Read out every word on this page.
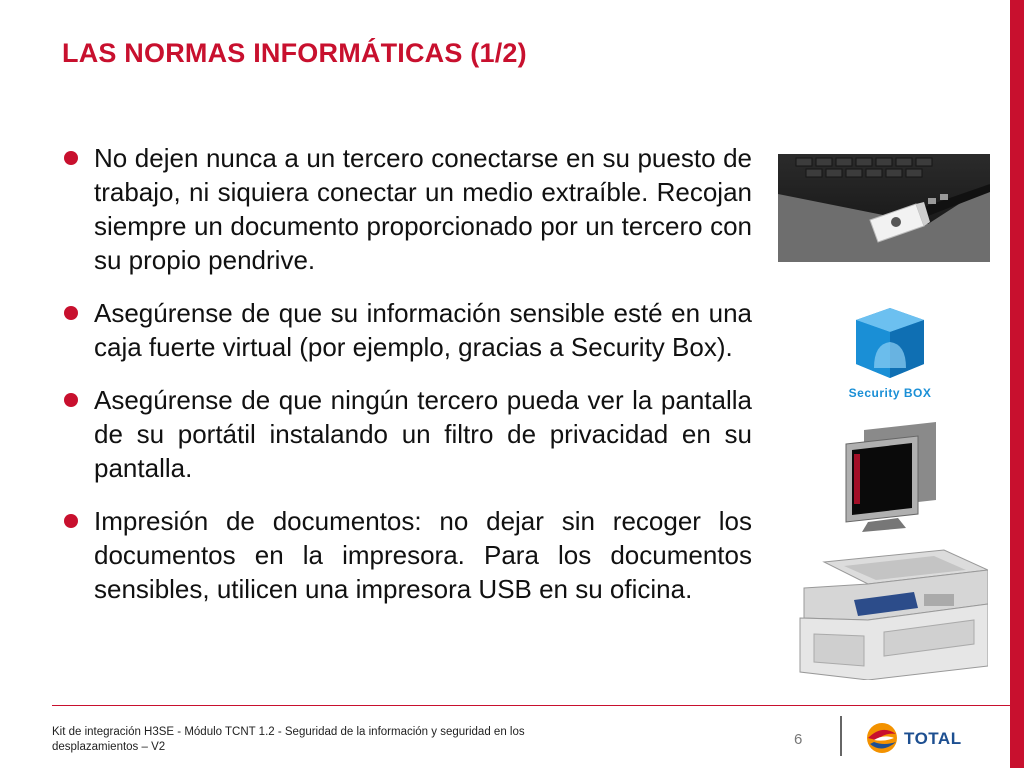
LAS NORMAS INFORMÁTICAS (1/2)
No dejen nunca a un tercero conectarse en su puesto de trabajo, ni siquiera conectar un medio extraíble. Recojan siempre un documento proporcionado por un tercero con su propio pendrive.
Asegúrense de que su información sensible esté en una caja fuerte virtual (por ejemplo, gracias a Security Box).
Asegúrense de que ningún tercero pueda ver la pantalla de su portátil instalando un filtro de privacidad en su pantalla.
Impresión de documentos: no dejar sin recoger los documentos en la impresora. Para los documentos sensibles, utilicen una impresora USB en su oficina.
Security BOX
Kit de integración H3SE - Módulo TCNT 1.2 - Seguridad de la información y seguridad en los desplazamientos – V2	6	TOTAL
